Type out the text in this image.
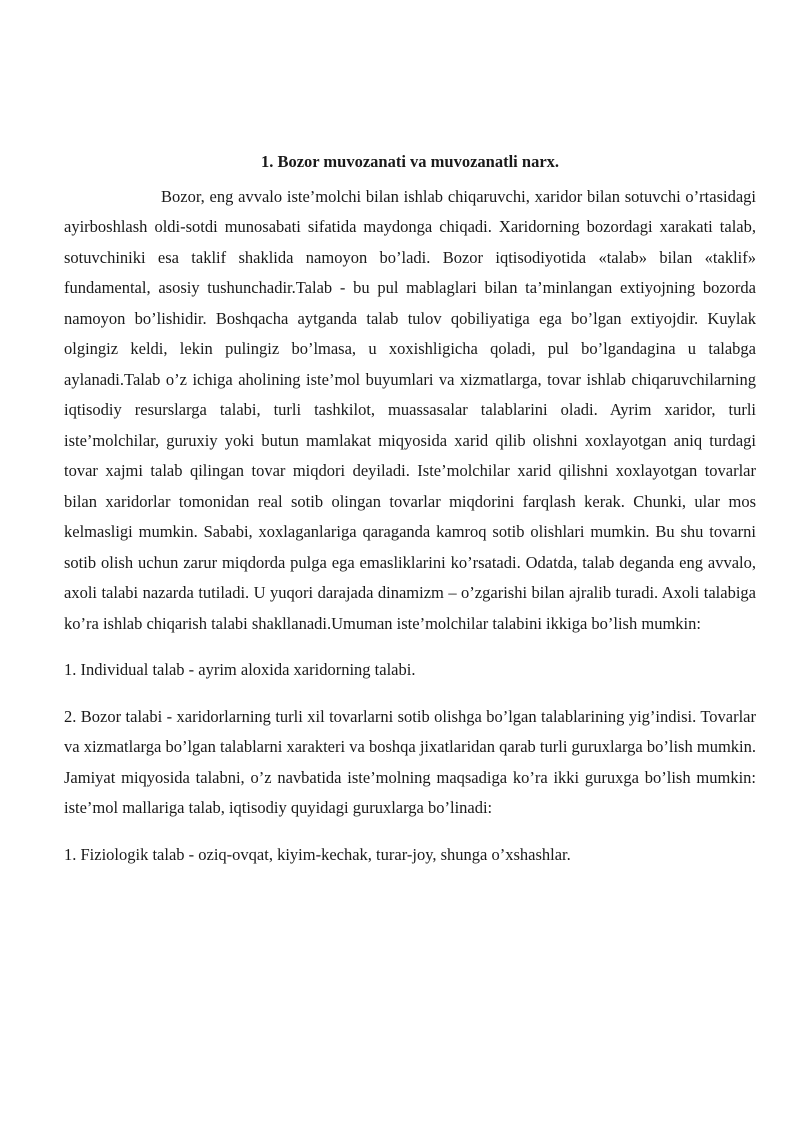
1. Bozor muvozanati va muvozanatli narx.

Bozor, eng avvalo iste’molchi bilan ishlab chiqaruvchi, xaridor bilan sotuvchi o’rtasidagi ayirboshlash oldi-sotdi munosabati sifatida maydonga chiqadi. Xaridorning bozordagi xarakati talab, sotuvchiniki esa taklif shaklida namoyon bo’ladi. Bozor iqtisodiyotida «talab» bilan «taklif» fundamental, asosiy tushunchadir.Talab - bu pul mablaglari bilan ta’minlangan extiyojning bozorda namoyon bo’lishidir. Boshqacha aytganda talab tulov qobiliyatiga ega bo’lgan extiyojdir. Kuylak olgingiz keldi, lekin pulingiz bo’lmasa, u xoxishligicha qoladi, pul bo’lgandagina u talabga aylanadi.Talab o’z ichiga aholining iste’mol buyumlari va xizmatlarga, tovar ishlab chiqaruvchilarning iqtisodiy resurslarga talabi, turli tashkilot, muassasalar talablarini oladi. Ayrim xaridor, turli iste’molchilar, guruxiy yoki butun mamlakat miqyosida xarid qilib olishni xoxlayotgan aniq turdagi tovar xajmi talab qilingan tovar miqdori deyiladi. Iste’molchilar xarid qilishni xoxlayotgan tovarlar bilan xaridorlar tomonidan real sotib olingan tovarlar miqdorini farqlash kerak. Chunki, ular mos kelmasligi mumkin. Sababi, xoxlaganlariga qaraganda kamroq sotib olishlari mumkin. Bu shu tovarni sotib olish uchun zarur miqdorda pulga ega emasliklarini ko’rsatadi. Odatda, talab deganda eng avvalo, axoli talabi nazarda tutiladi. U yuqori darajada dinamizm – o’zgarishi bilan ajralib turadi. Axoli talabiga ko’ra ishlab chiqarish talabi shakllanadi.Umuman iste’molchilar talabini ikkiga bo’lish mumkin:

1. Individual talab - ayrim aloxida xaridorning talabi.

2. Bozor talabi - xaridorlarning turli xil tovarlarni sotib olishga bo’lgan talablarining yig’indisi. Tovarlar va xizmatlarga bo’lgan talablarni xarakteri va boshqa jixatlaridan qarab turli guruxlarga bo’lish mumkin. Jamiyat miqyosida talabni, o’z navbatida iste’molning maqsadiga ko’ra ikki guruxga bo’lish mumkin: iste’mol mallariga talab, iqtisodiy quyidagi guruxlarga bo’linadi:

1. Fiziologik talab - oziq-ovqat, kiyim-kechak, turar-joy, shunga o’xshashlar.
